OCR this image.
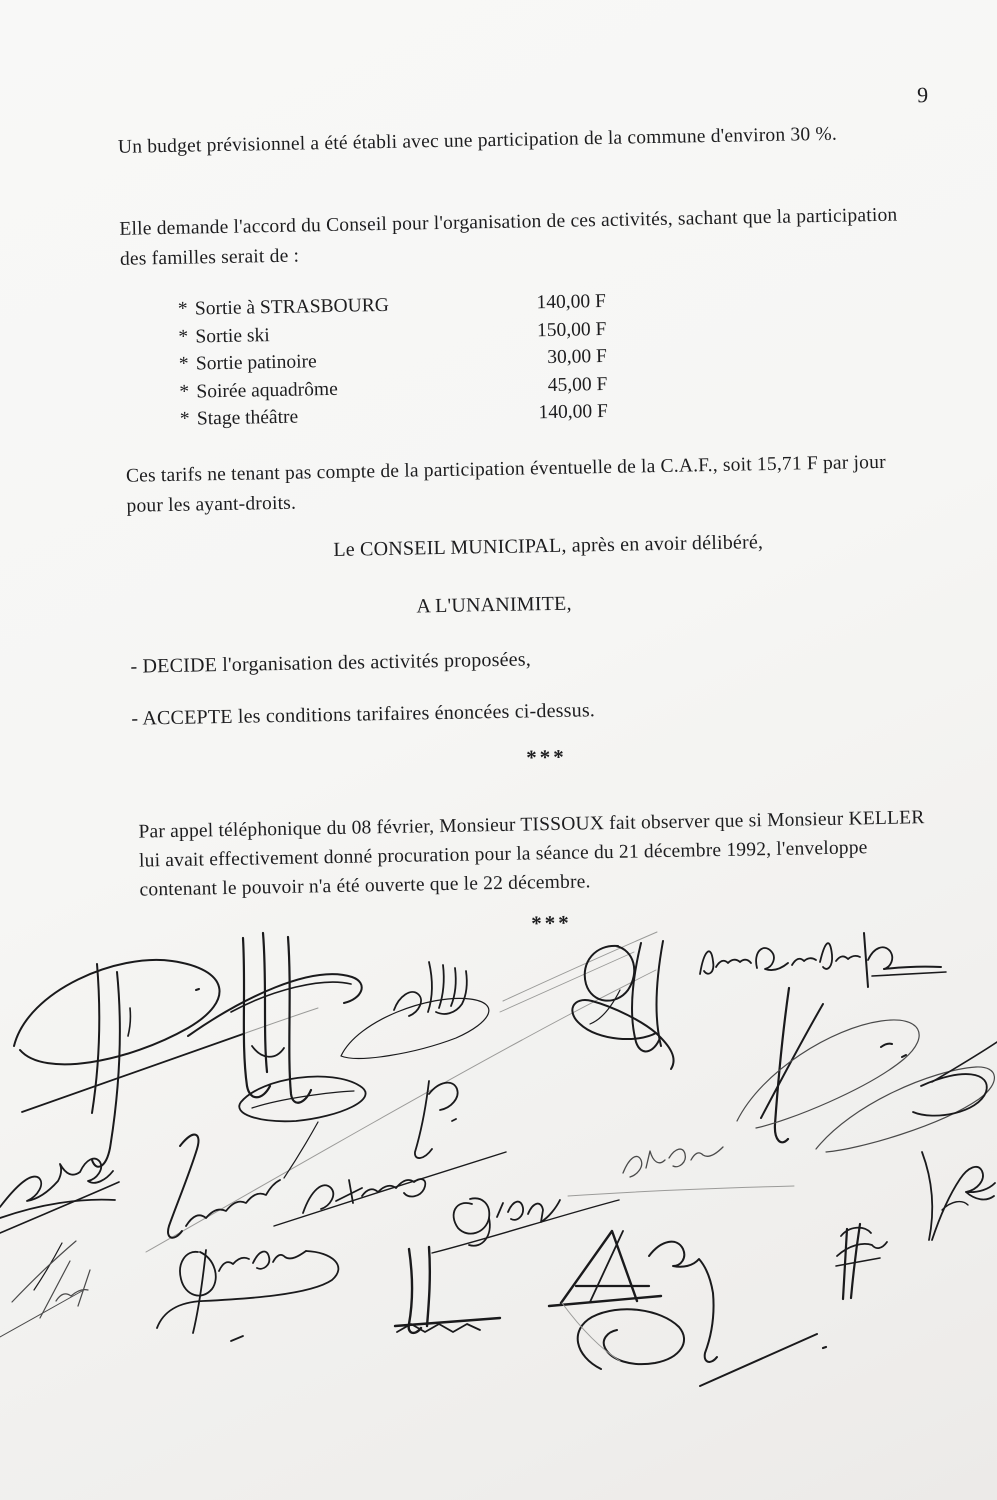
9

Un budget prévisionnel a été établi avec une participation de la commune d'environ 30 %.

Elle demande l'accord du Conseil pour l'organisation de ces activités, sachant que la participation des familles serait de :

* Sortie à STRASBOURG	140,00 F
* Sortie ski	150,00 F
* Sortie patinoire	30,00 F
* Soirée aquadrôme	45,00 F
* Stage théâtre	140,00 F

Ces tarifs ne tenant pas compte de la participation éventuelle de la C.A.F., soit 15,71 F par jour pour les ayant-droits.

Le CONSEIL MUNICIPAL, après en avoir délibéré,
A L'UNANIMITE,
- DECIDE l'organisation des activités proposées,
- ACCEPTE les conditions tarifaires énoncées ci-dessus.
***

Par appel téléphonique du 08 février, Monsieur TISSOUX fait observer que si Monsieur KELLER lui avait effectivement donné procuration pour la séance du 21 décembre 1992, l'enveloppe contenant le pouvoir n'a été ouverte que le 22 décembre.

***
